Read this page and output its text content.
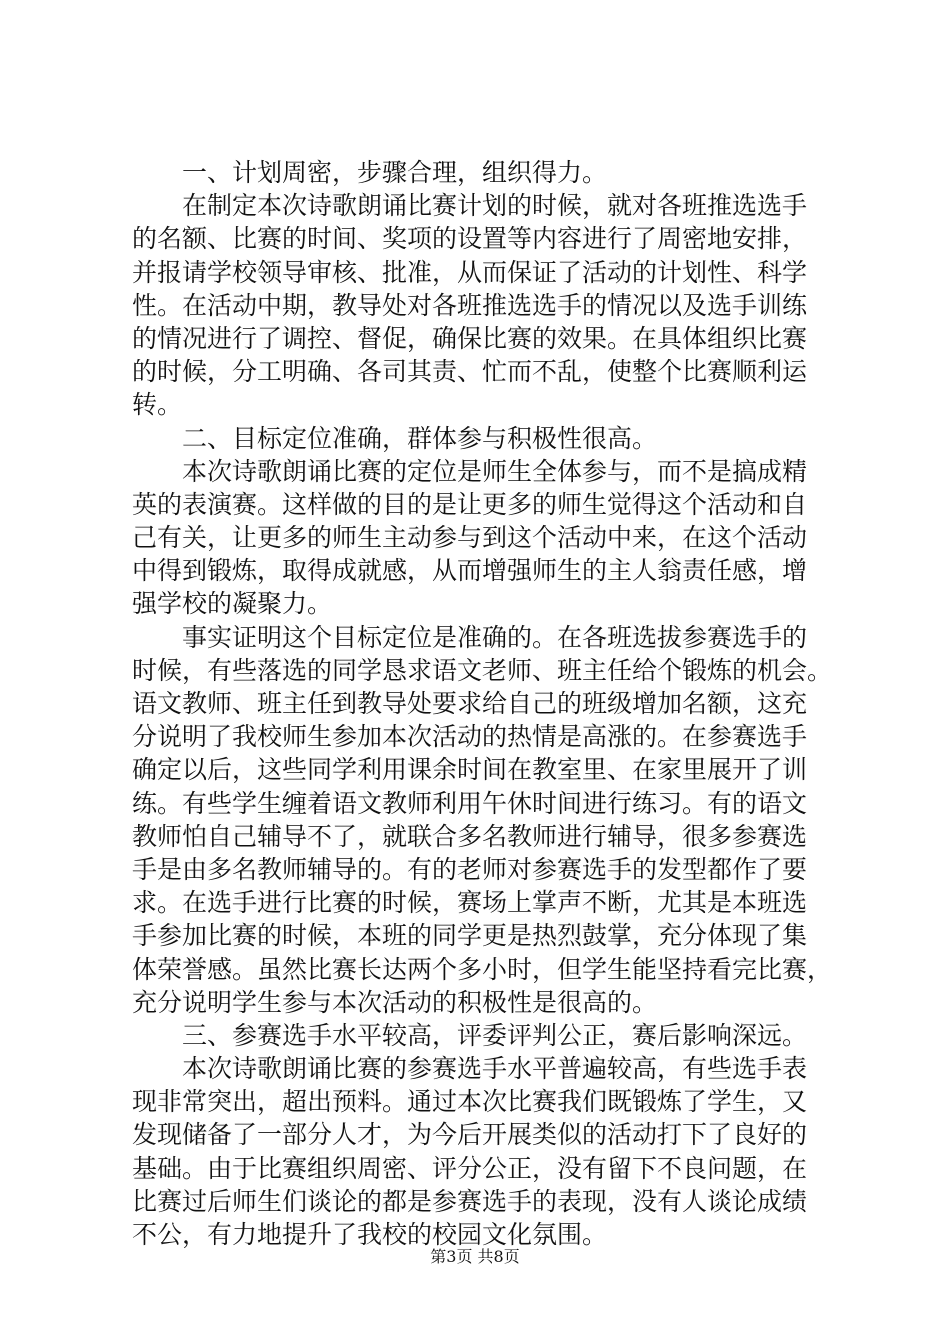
一、计划周密，步骤合理，组织得力。
在制定本次诗歌朗诵比赛计划的时候，就对各班推选选手
的名额、比赛的时间、奖项的设置等内容进行了周密地安排，
并报请学校领导审核、批准，从而保证了活动的计划性、科学
性。在活动中期，教导处对各班推选选手的情况以及选手训练
的情况进行了调控、督促，确保比赛的效果。在具体组织比赛
的时候，分工明确、各司其责、忙而不乱，使整个比赛顺利运
转。
二、目标定位准确，群体参与积极性很高。
本次诗歌朗诵比赛的定位是师生全体参与，而不是搞成精
英的表演赛。这样做的目的是让更多的师生觉得这个活动和自
己有关，让更多的师生主动参与到这个活动中来，在这个活动
中得到锻炼，取得成就感，从而增强师生的主人翁责任感，增
强学校的凝聚力。
事实证明这个目标定位是准确的。在各班选拔参赛选手的
时候，有些落选的同学恳求语文老师、班主任给个锻炼的机会。
语文教师、班主任到教导处要求给自己的班级增加名额，这充
分说明了我校师生参加本次活动的热情是高涨的。在参赛选手
确定以后，这些同学利用课余时间在教室里、在家里展开了训
练。有些学生缠着语文教师利用午休时间进行练习。有的语文
教师怕自己辅导不了，就联合多名教师进行辅导，很多参赛选
手是由多名教师辅导的。有的老师对参赛选手的发型都作了要
求。在选手进行比赛的时候，赛场上掌声不断，尤其是本班选
手参加比赛的时候，本班的同学更是热烈鼓掌，充分体现了集
体荣誉感。虽然比赛长达两个多小时，但学生能坚持看完比赛，
充分说明学生参与本次活动的积极性是很高的。
三、参赛选手水平较高，评委评判公正，赛后影响深远。
本次诗歌朗诵比赛的参赛选手水平普遍较高，有些选手表
现非常突出，超出预料。通过本次比赛我们既锻炼了学生，又
发现储备了一部分人才，为今后开展类似的活动打下了良好的
基础。由于比赛组织周密、评分公正，没有留下不良问题，在
比赛过后师生们谈论的都是参赛选手的表现，没有人谈论成绩
不公，有力地提升了我校的校园文化氛围。
第3页 共8页
